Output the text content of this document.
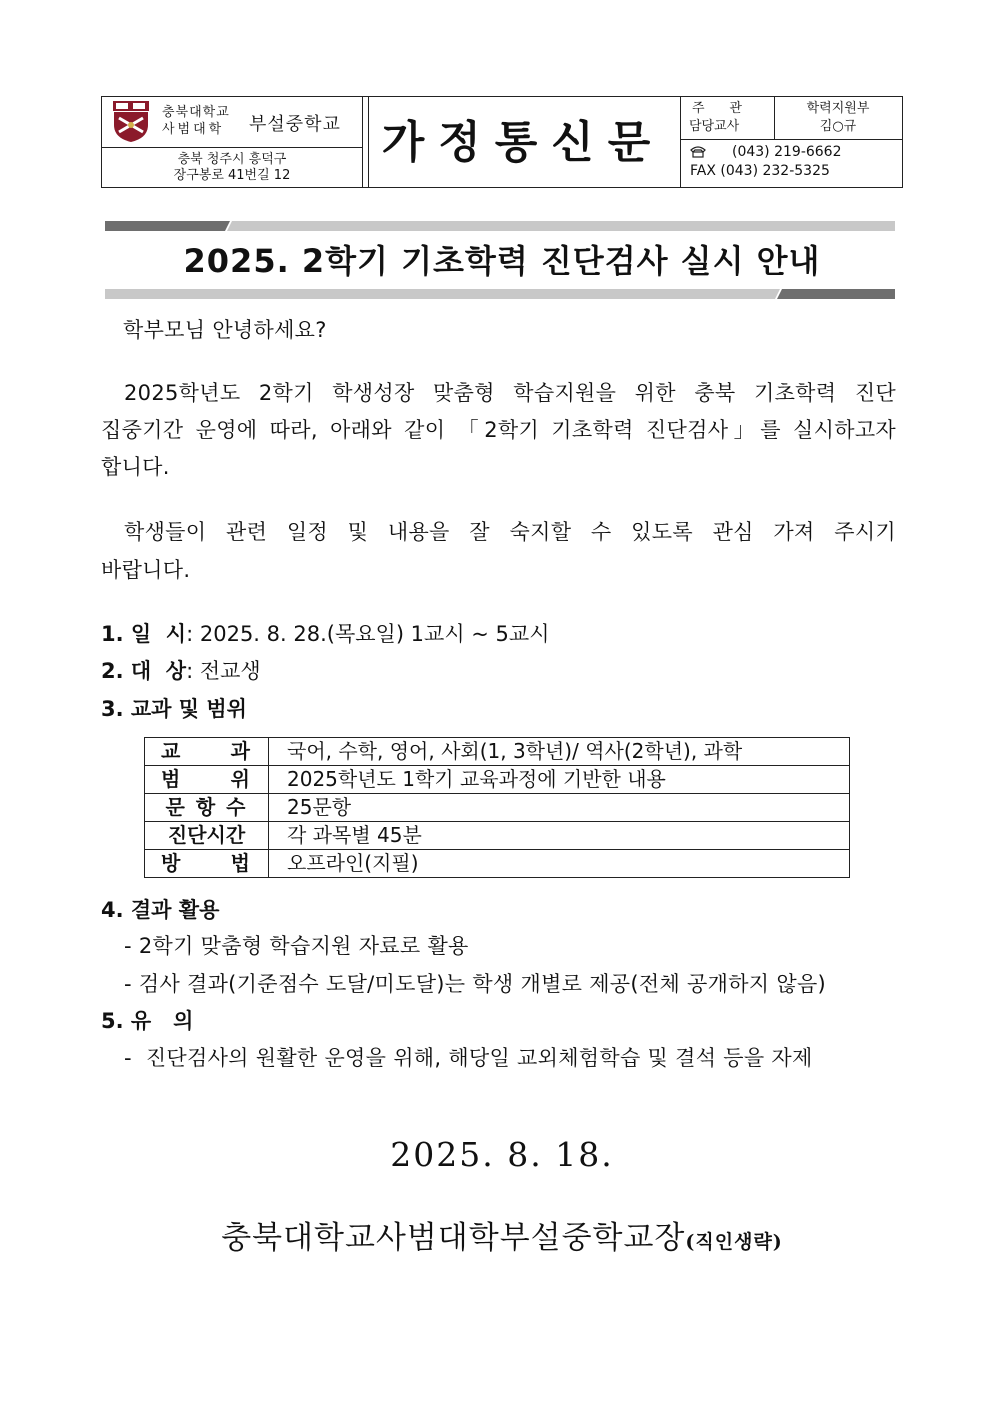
충북대학교
사범대학 부설중학교
충북 청주시 흥덕구
장구봉로 41번길 12
가정통신문
주      관
담당교사
학력지원부
김○규
(043) 219-6662
FAX (043) 232-5325
2025. 2학기 기초학력 진단검사 실시 안내
학부모님 안녕하세요?
2025학년도 2학기 학생성장 맞춤형 학습지원을 위한 충북 기초학력 진단
집중기간 운영에 따라, 아래와 같이 「2학기 기초학력 진단검사」를 실시하고자
합니다.
학생들이 관련 일정 및 내용을 잘 숙지할 수 있도록 관심 가져 주시기
바랍니다.
1. 일  시: 2025. 8. 28.(목요일) 1교시 ~ 5교시
2. 대  상: 전교생
3. 교과 및 범위
교 과	국어, 수학, 영어, 사회(1, 3학년)/ 역사(2학년), 과학

범 위	2025학년도 1학기 교육과정에 기반한 내용
문 항 수	25문항
진단시간	각 과목별 45분

방 법	오프라인(지필)
4. 결과 활용
- 2학기 맞춤형 학습지원 자료로 활용
- 검사 결과(기준점수 도달/미도달)는 학생 개별로 제공(전체 공개하지 않음)
5. 유   의
-  진단검사의 원활한 운영을 위해, 해당일 교외체험학습 및 결석 등을 자제
2025. 8. 18.
충북대학교사범대학부설중학교장(직인생략)
